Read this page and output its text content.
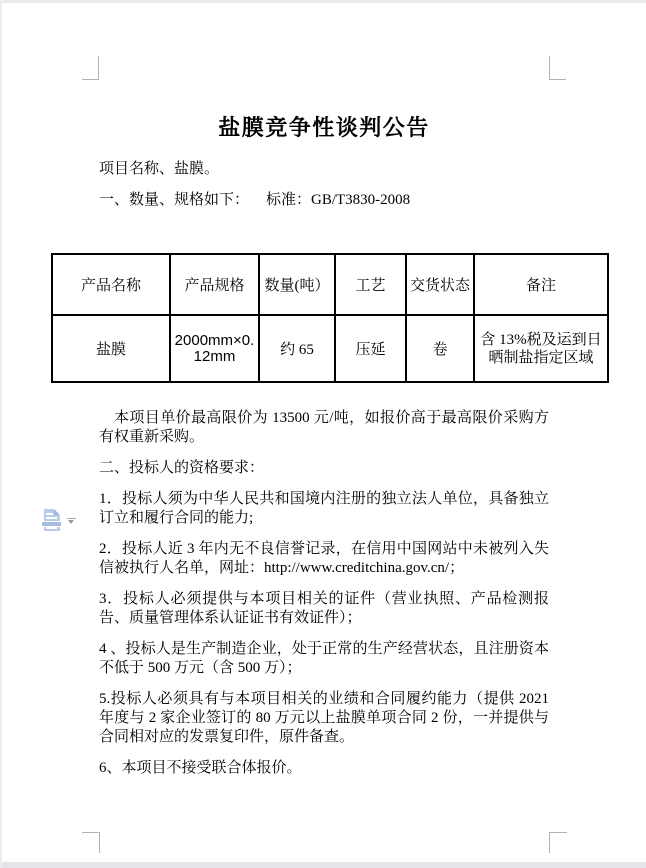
盐膜竞争性谈判公告

项目名称、盐膜。

一、数量、规格如下： 标准：GB/T3830-2008

产品名称	产品规格	数量(吨）	工艺	交货状态	备注
盐膜	2000mm×0.12mm	约 65	压延	卷	含 13%税及运到日晒制盐指定区域

本项目单价最高限价为 13500 元/吨，如报价高于最高限价采购方有权重新采购。

二、投标人的资格要求：

1．投标人须为中华人民共和国境内注册的独立法人单位，具备独立订立和履行合同的能力;

2．投标人近 3 年内无不良信誉记录，在信用中国网站中未被列入失信被执行人名单，网址：http://www.creditchina.gov.cn/；

3．投标人必须提供与本项目相关的证件（营业执照、产品检测报告、质量管理体系认证证书有效证件）；

4 、投标人是生产制造企业，处于正常的生产经营状态，且注册资本不低于 500 万元（含 500 万）；

5.投标人必须具有与本项目相关的业绩和合同履约能力（提供 2021 年度与 2 家企业签订的 80 万元以上盐膜单项合同 2 份，一并提供与合同相对应的发票复印件，原件备查。

6、本项目不接受联合体报价。
